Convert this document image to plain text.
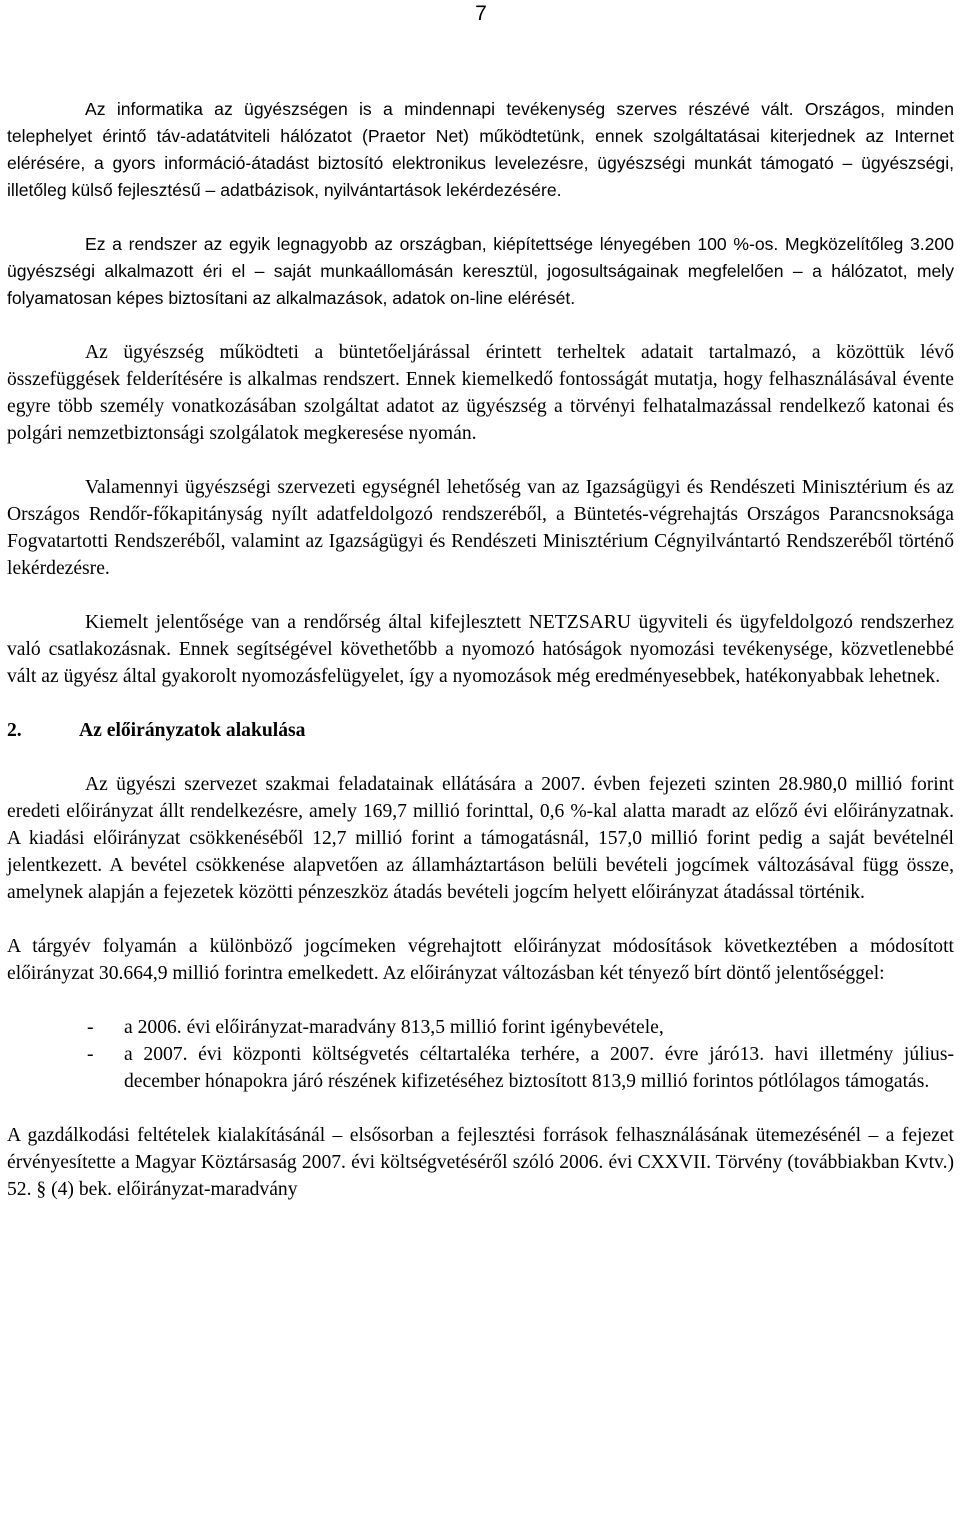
7

Az informatika az ügyészségen is a mindennapi tevékenység szerves részévé vált. Országos, minden telephelyet érintő táv-adatátviteli hálózatot (Praetor Net) működtetünk, ennek szolgáltatásai kiterjednek az Internet elérésére, a gyors információ-átadást biztosító elektronikus levelezésre, ügyészségi munkát támogató – ügyészségi, illetőleg külső fejlesztésű – adatbázisok, nyilvántartások lekérdezésére.

Ez a rendszer az egyik legnagyobb az országban, kiépítettsége lényegében 100 %-os. Megközelítőleg 3.200 ügyészségi alkalmazott éri el – saját munkaállomásán keresztül, jogosultságainak megfelelően – a hálózatot, mely folyamatosan képes biztosítani az alkalmazások, adatok on-line elérését.

Az ügyészség működteti a büntetőeljárással érintett terheltek adatait tartalmazó, a közöttük lévő összefüggések felderítésére is alkalmas rendszert. Ennek kiemelkedő fontosságát mutatja, hogy felhasználásával évente egyre több személy vonatkozásában szolgáltat adatot az ügyészség a törvényi felhatalmazással rendelkező katonai és polgári nemzetbiztonsági szolgálatok megkeresése nyomán.

Valamennyi ügyészségi szervezeti egységnél lehetőség van az Igazságügyi és Rendészeti Minisztérium és az Országos Rendőr-főkapitányság nyílt adatfeldolgozó rendszeréből, a Büntetés-végrehajtás Országos Parancsnoksága Fogvatartotti Rendszeréből, valamint az Igazságügyi és Rendészeti Minisztérium Cégnyilvántartó Rendszeréből történő lekérdezésre.

Kiemelt jelentősége van a rendőrség által kifejlesztett NETZSARU ügyviteli és ügyfeldolgozó rendszerhez való csatlakozásnak. Ennek segítségével követhetőbb a nyomozó hatóságok nyomozási tevékenysége, közvetlenebbé vált az ügyész által gyakorolt nyomozásfelügyelet, így a nyomozások még eredményesebbek, hatékonyabbak lehetnek.

2.	Az előirányzatok alakulása

Az ügyészi szervezet szakmai feladatainak ellátására a 2007. évben fejezeti szinten 28.980,0 millió forint eredeti előirányzat állt rendelkezésre, amely 169,7 millió forinttal, 0,6 %-kal alatta maradt az előző évi előirányzatnak. A kiadási előirányzat csökkenéséből 12,7 millió forint a támogatásnál, 157,0 millió forint pedig a saját bevételnél jelentkezett. A bevétel csökkenése alapvetően az államháztartáson belüli bevételi jogcímek változásával függ össze, amelynek alapján a fejezetek közötti pénzeszköz átadás bevételi jogcím helyett előirányzat átadással történik.

A tárgyév folyamán a különböző jogcímeken végrehajtott előirányzat módosítások következtében a módosított előirányzat 30.664,9 millió forintra emelkedett. Az előirányzat változásban két tényező bírt döntő jelentőséggel:

- a 2006. évi előirányzat-maradvány 813,5 millió forint igénybevétele,
- a 2007. évi központi költségvetés céltartaléka terhére, a 2007. évre járó13. havi illetmény július-december hónapokra járó részének kifizetéséhez biztosított 813,9 millió forintos pótlólagos támogatás.

A gazdálkodási feltételek kialakításánál – elsősorban a fejlesztési források felhasználásának ütemezésénél – a fejezet érvényesítette a Magyar Köztársaság 2007. évi költségvetéséről szóló 2006. évi CXXVII. Törvény (továbbiakban Kvtv.) 52. § (4) bek. előirányzat-maradvány
